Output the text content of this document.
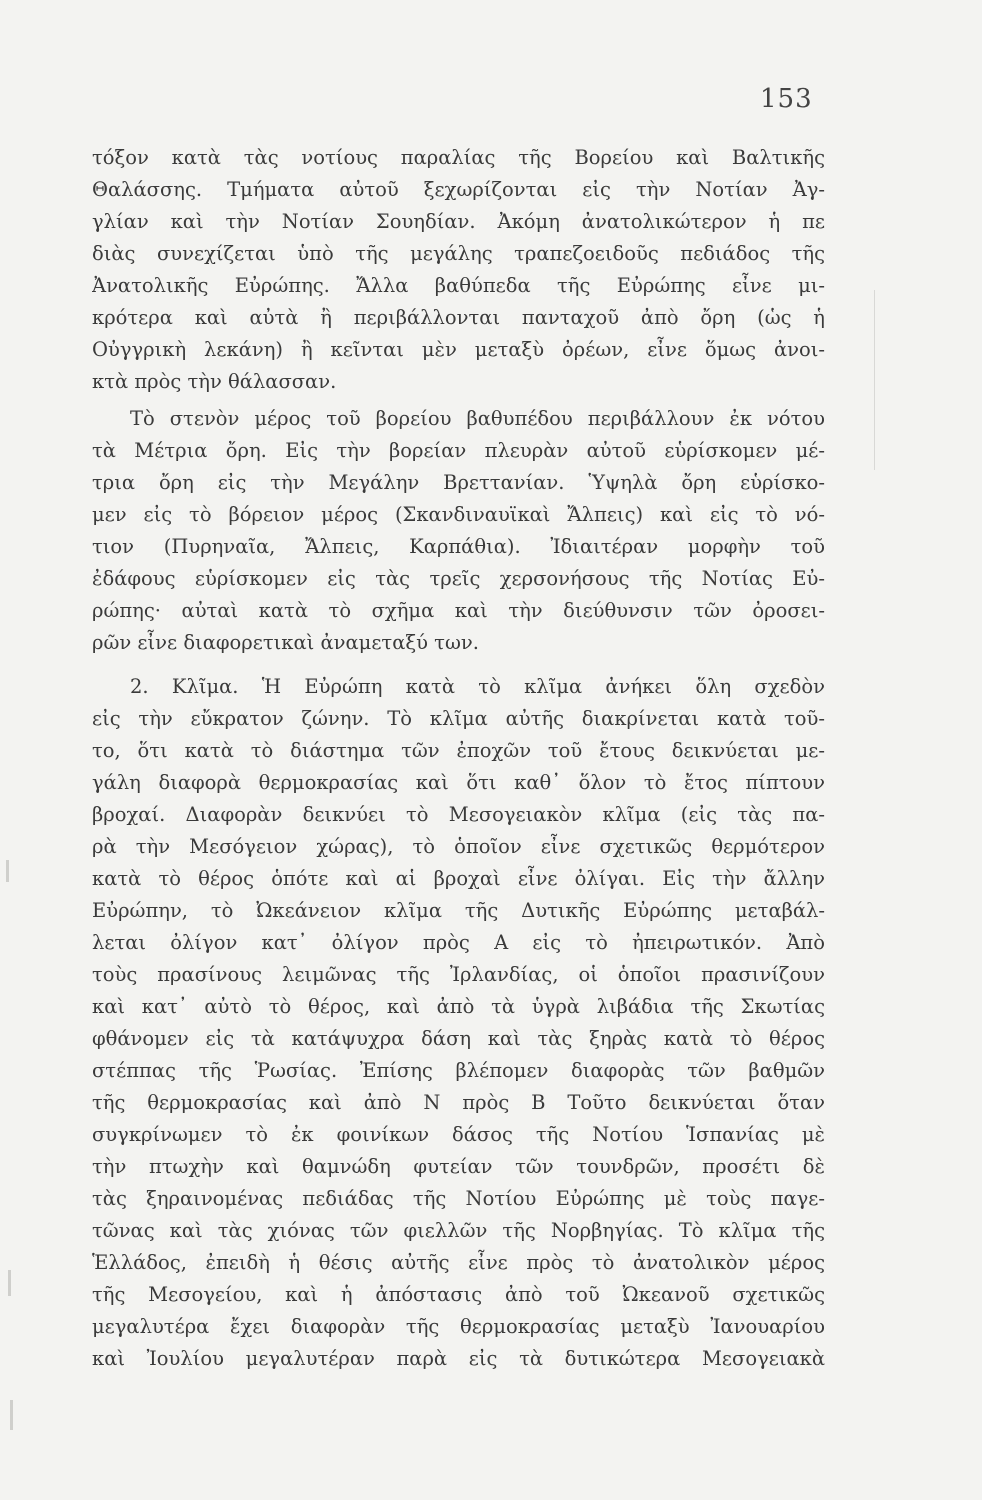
153
τόξον κατὰ τὰς νοτίους παραλίας τῆς Βορείου καὶ Βαλτικῆς
Θαλάσσης. Τμήματα αὐτοῦ ξεχωρίζονται εἰς τὴν Νοτίαν Ἀγ-
γλίαν καὶ τὴν Νοτίαν Σουηδίαν. Ἀκόμη ἀνατολικώτερον ἡ πε
διὰς συνεχίζεται ὑπὸ τῆς μεγάλης τραπεζοειδοῦς πεδιάδος τῆς
Ἀνατολικῆς Εὐρώπης. Ἄλλα βαθύπεδα τῆς Εὐρώπης εἶνε μι-
κρότερα καὶ αὐτὰ ἢ περιβάλλονται πανταχοῦ ἀπὸ ὄρη (ὡς ἡ
Οὐγγρικὴ λεκάνη) ἢ κεῖνται μὲν μεταξὺ ὀρέων, εἶνε ὅμως ἀνοι-
κτὰ πρὸς τὴν θάλασσαν.
Τὸ στενὸν μέρος τοῦ βορείου βαθυπέδου περιβάλλουν ἐκ νότου
τὰ Μέτρια ὄρη. Εἰς τὴν βορείαν πλευρὰν αὐτοῦ εὑρίσκομεν μέ-
τρια ὄρη εἰς τὴν Μεγάλην Βρεττανίαν. Ὑψηλὰ ὄρη εὑρίσκο-
μεν εἰς τὸ βόρειον μέρος (Σκανδιναυϊκαὶ Ἄλπεις) καὶ εἰς τὸ νό-
τιον (Πυρηναῖα, Ἄλπεις, Καρπάθια). Ἰδιαιτέραν μορφὴν τοῦ
ἐδάφους εὑρίσκομεν εἰς τὰς τρεῖς χερσονήσους τῆς Νοτίας Εὐ-
ρώπης· αὐταὶ κατὰ τὸ σχῆμα καὶ τὴν διεύθυνσιν τῶν ὀροσει-
ρῶν εἶνε διαφορετικαὶ ἀναμεταξύ των.
2. Κλῖμα. Ἡ Εὐρώπη κατὰ τὸ κλῖμα ἀνήκει ὅλη σχεδὸν
εἰς τὴν εὔκρατον ζώνην. Τὸ κλῖμα αὐτῆς διακρίνεται κατὰ τοῦ-
το, ὅτι κατὰ τὸ διάστημα τῶν ἐποχῶν τοῦ ἔτους δεικνύεται με-
γάλη διαφορὰ θερμοκρασίας καὶ ὅτι καθ᾿ ὅλον τὸ ἔτος πίπτουν
βροχαί. Διαφορὰν δεικνύει τὸ Μεσογειακὸν κλῖμα (εἰς τὰς πα-
ρὰ τὴν Μεσόγειον χώρας), τὸ ὁποῖον εἶνε σχετικῶς θερμότερον
κατὰ τὸ θέρος ὁπότε καὶ αἱ βροχαὶ εἶνε ὀλίγαι. Εἰς τὴν ἄλλην
Εὐρώπην, τὸ Ὠκεάνειον κλῖμα τῆς Δυτικῆς Εὐρώπης μεταβάλ-
λεται ὀλίγον κατ᾿ ὀλίγον πρὸς Α εἰς τὸ ἠπειρωτικόν. Ἀπὸ
τοὺς πρασίνους λειμῶνας τῆς Ἰρλανδίας, οἱ ὁποῖοι πρασινίζουν
καὶ κατ᾿ αὐτὸ τὸ θέρος, καὶ ἀπὸ τὰ ὑγρὰ λιβάδια τῆς Σκωτίας
φθάνομεν εἰς τὰ κατάψυχρα δάση καὶ τὰς ξηρὰς κατὰ τὸ θέρος
στέππας τῆς Ῥωσίας. Ἐπίσης βλέπομεν διαφορὰς τῶν βαθμῶν
τῆς θερμοκρασίας καὶ ἀπὸ Ν πρὸς Β Τοῦτο δεικνύεται ὅταν
συγκρίνωμεν τὸ ἐκ φοινίκων δάσος τῆς Νοτίου Ἱσπανίας μὲ
τὴν πτωχὴν καὶ θαμνώδη φυτείαν τῶν τουνδρῶν, προσέτι δὲ
τὰς ξηραινομένας πεδιάδας τῆς Νοτίου Εὐρώπης μὲ τοὺς παγε-
τῶνας καὶ τὰς χιόνας τῶν φιελλῶν τῆς Νορβηγίας. Τὸ κλῖμα τῆς
Ἑλλάδος, ἐπειδὴ ἡ θέσις αὐτῆς εἶνε πρὸς τὸ ἀνατολικὸν μέρος
τῆς Μεσογείου, καὶ ἡ ἀπόστασις ἀπὸ τοῦ Ὠκεανοῦ σχετικῶς
μεγαλυτέρα ἔχει διαφορὰν τῆς θερμοκρασίας μεταξὺ Ἰανουαρίου
καὶ Ἰουλίου μεγαλυτέραν παρὰ εἰς τὰ δυτικώτερα Μεσογειακὰ
